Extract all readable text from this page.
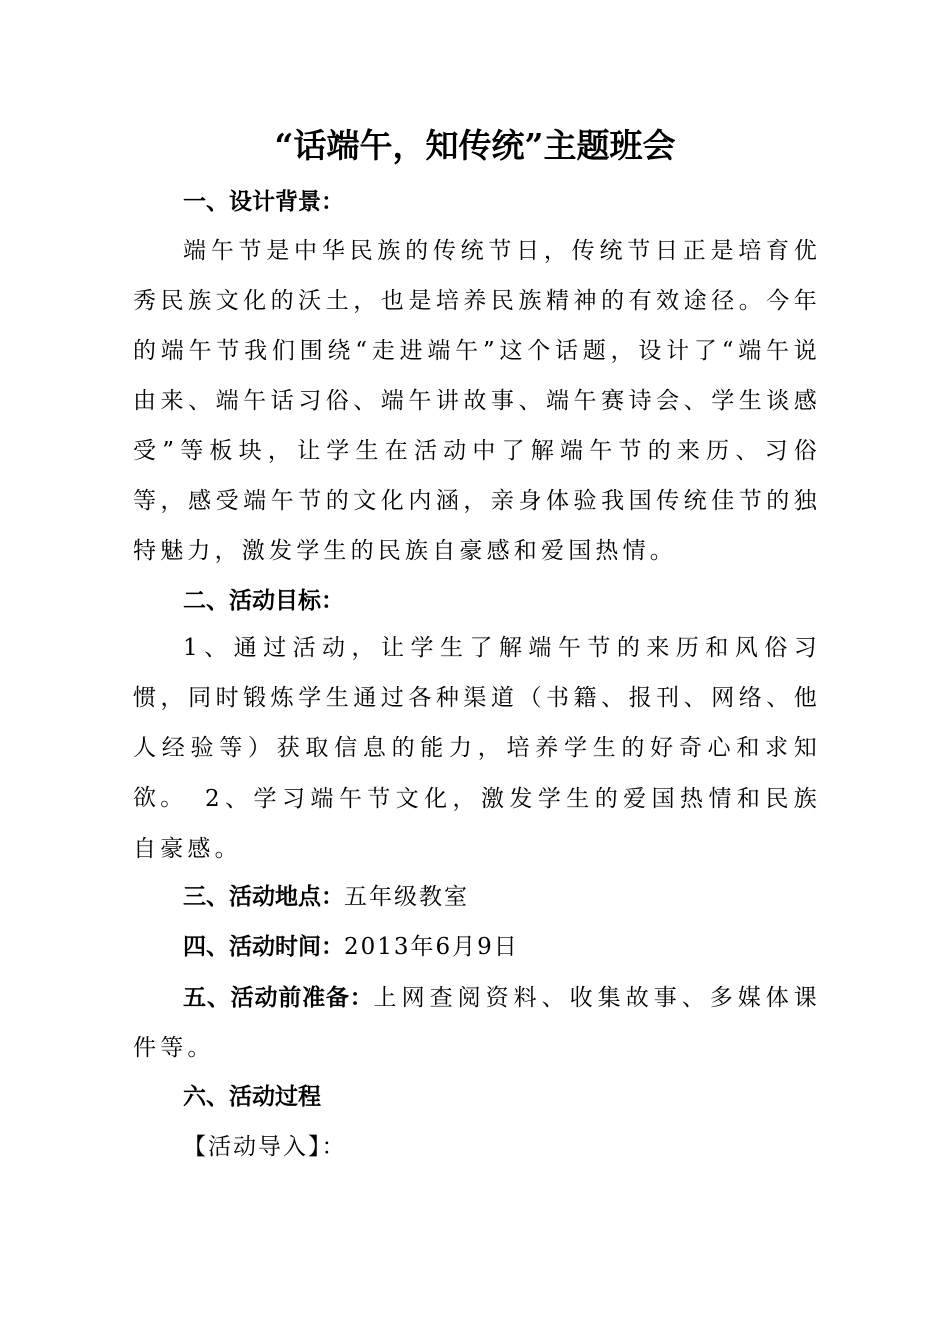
“话端午，知传统”主题班会
一、设计背景：
端午节是中华民族的传统节日，传统节日正是培育优秀民族文化的沃土，也是培养民族精神的有效途径。今年的端午节我们围绕“走进端午”这个话题，设计了“端午说由来、端午话习俗、端午讲故事、端午赛诗会、学生谈感受”等板块，让学生在活动中了解端午节的来历、习俗等，感受端午节的文化内涵，亲身体验我国传统佳节的独特魅力，激发学生的民族自豪感和爱国热情。
二、活动目标：
1、通过活动，让学生了解端午节的来历和风俗习惯，同时锻炼学生通过各种渠道（书籍、报刊、网络、他人经验等）获取信息的能力，培养学生的好奇心和求知欲。 2、学习端午节文化，激发学生的爱国热情和民族自豪感。
三、活动地点：五年级教室
四、活动时间：2013年6月9日
五、活动前准备：上网查阅资料、收集故事、多媒体课件等。
六、活动过程
【活动导入】：
